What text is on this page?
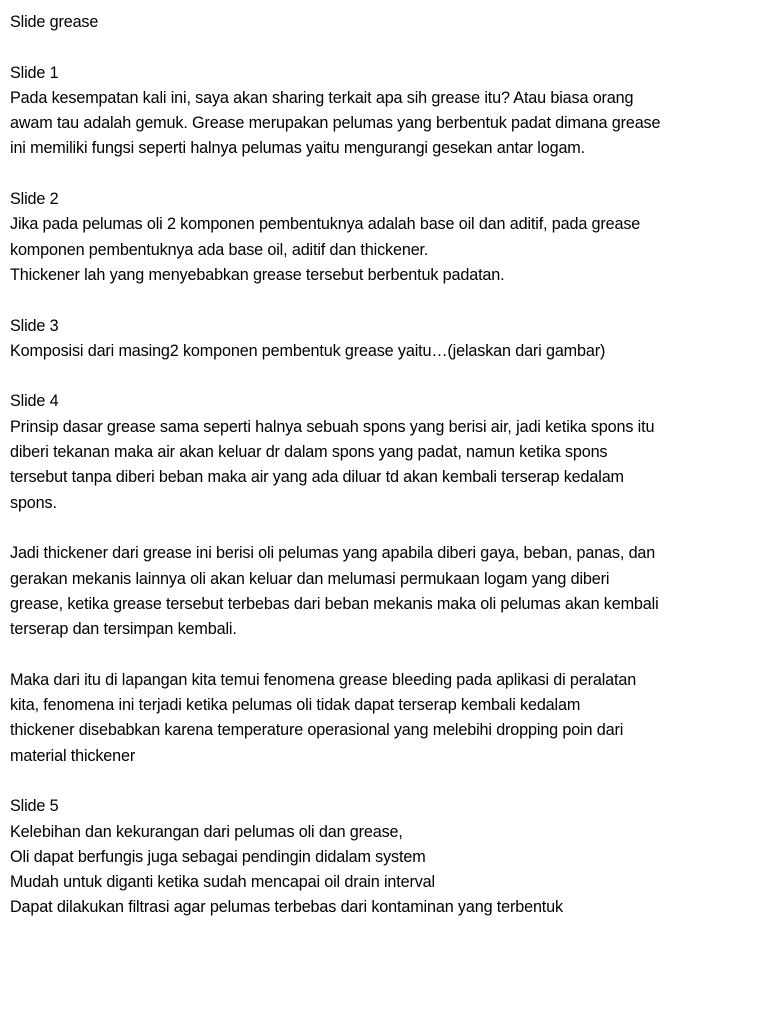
Slide grease
Slide 1
Pada kesempatan kali ini, saya akan sharing terkait apa sih grease itu? Atau biasa orang
awam tau adalah gemuk. Grease merupakan pelumas yang berbentuk padat dimana grease
ini memiliki fungsi seperti halnya pelumas yaitu mengurangi gesekan antar logam.
Slide 2
Jika pada pelumas oli 2 komponen pembentuknya adalah base oil dan aditif, pada grease
komponen pembentuknya ada base oil, aditif dan thickener.
Thickener lah yang menyebabkan grease tersebut berbentuk padatan.
Slide 3
Komposisi dari masing2 komponen pembentuk grease yaitu…(jelaskan dari gambar)
Slide 4
Prinsip dasar grease sama seperti halnya sebuah spons yang berisi air, jadi ketika spons itu
diberi tekanan maka air akan keluar dr dalam spons yang padat, namun ketika spons
tersebut tanpa diberi beban maka air yang ada diluar td akan kembali terserap kedalam
spons.
Jadi thickener dari grease ini berisi oli pelumas yang apabila diberi gaya, beban, panas, dan
gerakan mekanis lainnya oli akan keluar dan melumasi permukaan logam yang diberi
grease, ketika grease tersebut terbebas dari beban mekanis maka oli pelumas akan kembali
terserap dan tersimpan kembali.
Maka dari itu di lapangan kita temui fenomena grease bleeding pada aplikasi di peralatan
kita, fenomena ini terjadi ketika pelumas oli tidak dapat terserap kembali kedalam
thickener disebabkan karena temperature operasional yang melebihi dropping poin dari
material thickener
Slide 5
Kelebihan dan kekurangan dari pelumas oli dan grease,
Oli dapat berfungis juga sebagai pendingin didalam system
Mudah untuk diganti ketika sudah mencapai oil drain interval
Dapat dilakukan filtrasi agar pelumas terbebas dari kontaminan yang terbentuk
